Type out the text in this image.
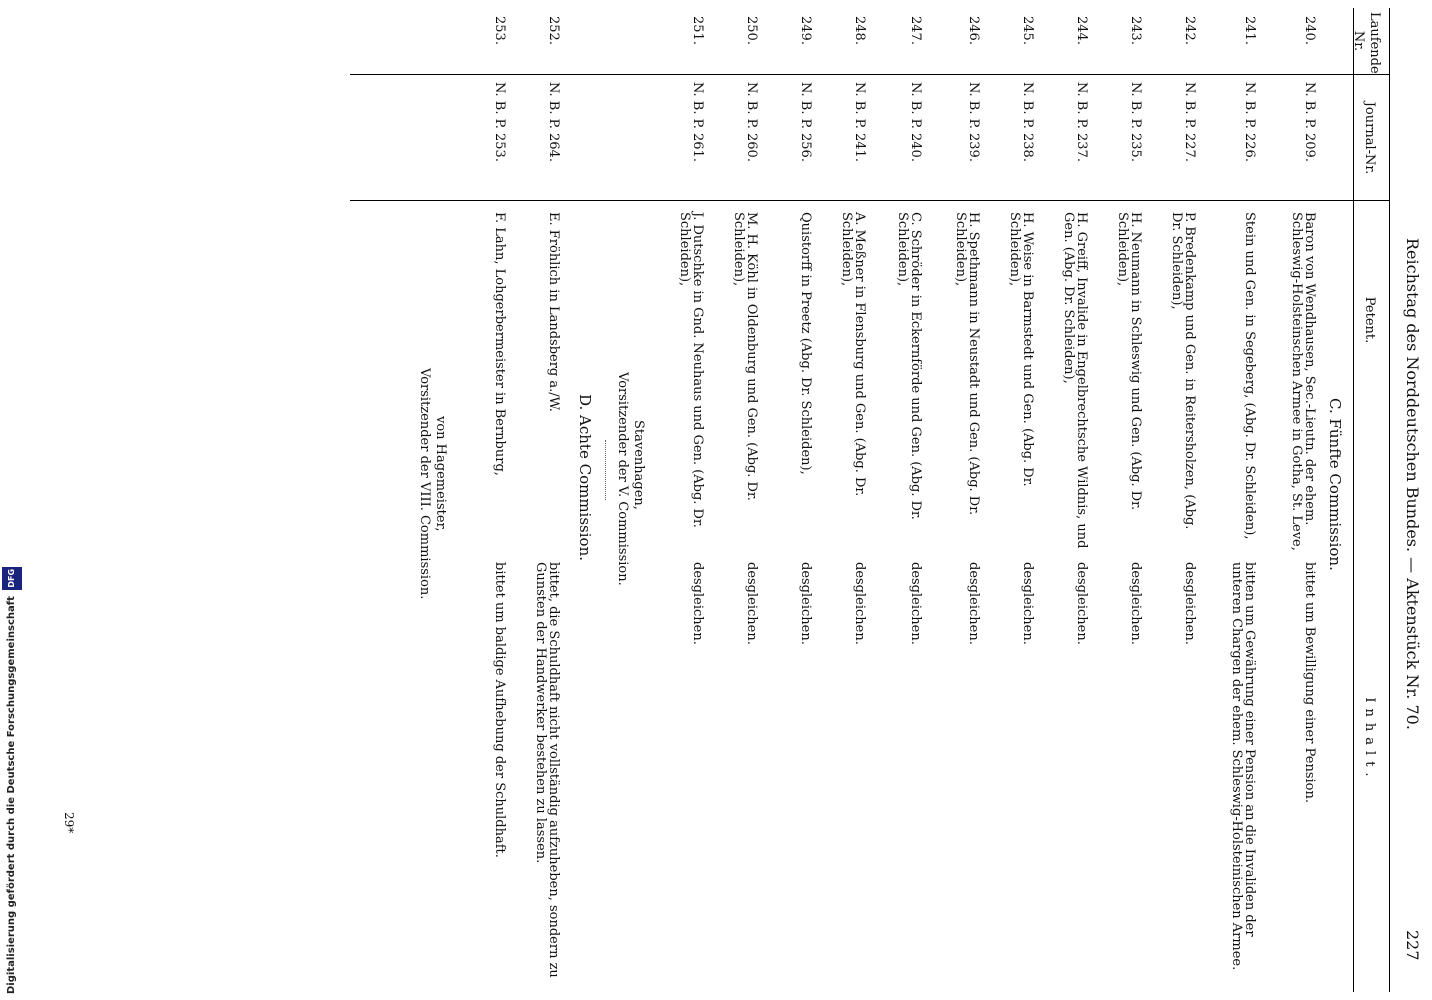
Reichstag des Norddeutschen Bundes. — Aktenstück Nr. 70.
227
Laufende Nr.
Journal-Nr.
Petent.
Inhalt.
C. Fünfte Commission.
240.
N. B. P. 209.
Baron von Wendhausen, Sec.-Lieutn. der ehem. Schleswig-Holsteinschen Armee in Gotha, St. Leve,
bittet um Bewilligung einer Pension.
241.
N. B. P. 226.
Stein und Gen. in Segeberg, (Abg. Dr. Schleiden),
bitten um Gewährung einer Pension an die Invaliden der unteren Chargen der ehem. Schleswig-Holsteinischen Armee.
242.
N. B. P. 227.
P. Bredenkamp und Gen. in Reitersholzen, (Abg. Dr. Schleiden),
desgleichen.
243.
N. B. P. 235.
H. Neumann in Schleswig und Gen. (Abg. Dr. Schleiden),
desgleichen.
244.
N. B. P. 237.
H. Greiff, Invalide in Engelbrechtsche Wildnis, und Gen. (Abg. Dr. Schleiden),
desgleichen.
245.
N. B. P. 238.
H. Weise in Barmstedt und Gen. (Abg. Dr. Schleiden),
desgleichen.
246.
N. B. P. 239.
H. Spethmann in Neustadt und Gen. (Abg. Dr. Schleiden),
desgleichen.
247.
N. B. P. 240.
C. Schröder in Eckernförde und Gen. (Abg. Dr. Schleiden),
desgleichen.
248.
N. B. P. 241.
A. Meßner in Flensburg und Gen. (Abg. Dr. Schleiden),
desgleichen.
249.
N. B. P. 256.
Quistorff in Preetz (Abg. Dr. Schleiden),
desgleichen.
250.
N. B. P. 260.
M. H. Köhl in Oldenburg und Gen. (Abg. Dr. Schleiden),
desgleichen.
251.
N. B. P. 261.
J. Dutschke in Gnd. Neuhaus und Gen. (Abg. Dr. Schleiden),
desgleichen.
Stavenhagen,
Vorsitzender der V. Commission.
D. Achte Commission.
252.
N. B. P. 264.
E. Fröhlich in Landsberg a./W.
bittet, die Schuldhaft nicht vollständig aufzuheben, sondern zu Gunsten der Handwerker bestehen zu lassen.
253.
N. B. P. 253.
F. Lahn, Lohgerbermeister in Bernburg,
bittet um baldige Aufhebung der Schuldhaft.
von Hagemeister,
Vorsitzender der VIII. Commission.
29*
Digitalisierung gefördert durch die Deutsche Forschungsgemeinschaft DFG
